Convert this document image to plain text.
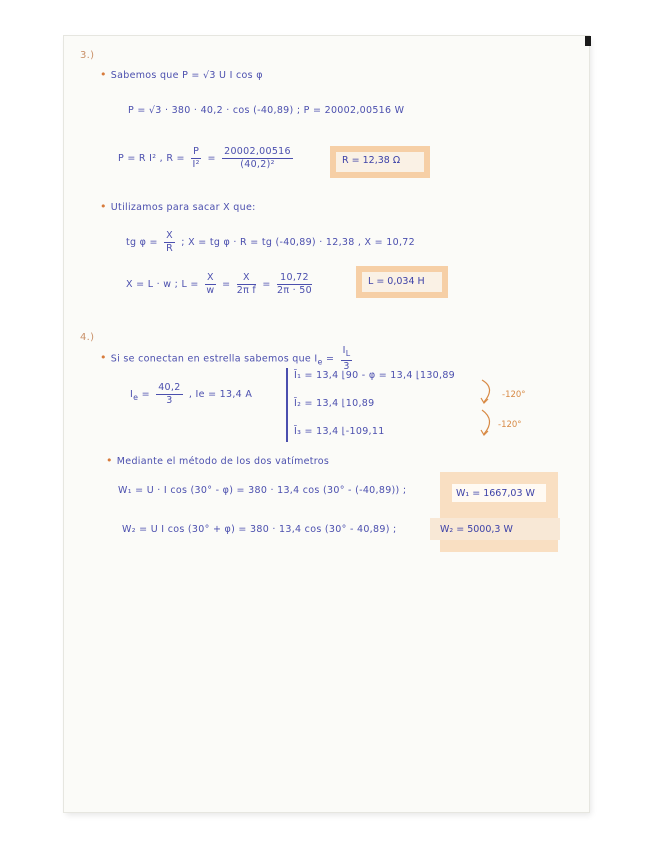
3.)
• Sabemos que P = √3 U I cos φ
P = √3 · 380 · 40,2 · cos (-40,89) ; P = 20002,00516 W
P = R I² , $R = \frac{P}{\text{I²}} = \frac{20002,00516}{\text{(40,2)²}}$	R = 12,38 Ω
• Utilizamos para sacar X que:
tg $\varphi = \frac{X}{R}$ ; X = tg φ · R = tg (-40,89) · 12,38 , X = 10,72
X = L · w ; $L = \frac{X}{w} = \frac{X}{\text{2π f}} = \frac{10,72}{2\pi \cdot 50}$	L = 0,034 H
4.)
• Si se conectan en estrella sabemos que $I_e = \frac{I_L}{3}$
$I_e = \frac{40,2}{3}$ , Ie = 13,4 A
Ī₁ = 13,4 ⌊90 - φ = 13,4 ⌊130,89
Ī₂ = 13,4 ⌊10,89
Ī₃ = 13,4 ⌊-109,11
-120°
-120°
• Mediante el método de los dos vatímetros
W₁ = U · I cos (30° - φ) = 380 · 13,4 cos (30° - (-40,89)) ;	W₁ = 1667,03 W
W₂ = U I cos (30° + φ) = 380 · 13,4 cos (30° - 40,89) ;	W₂ = 5000,3 W
